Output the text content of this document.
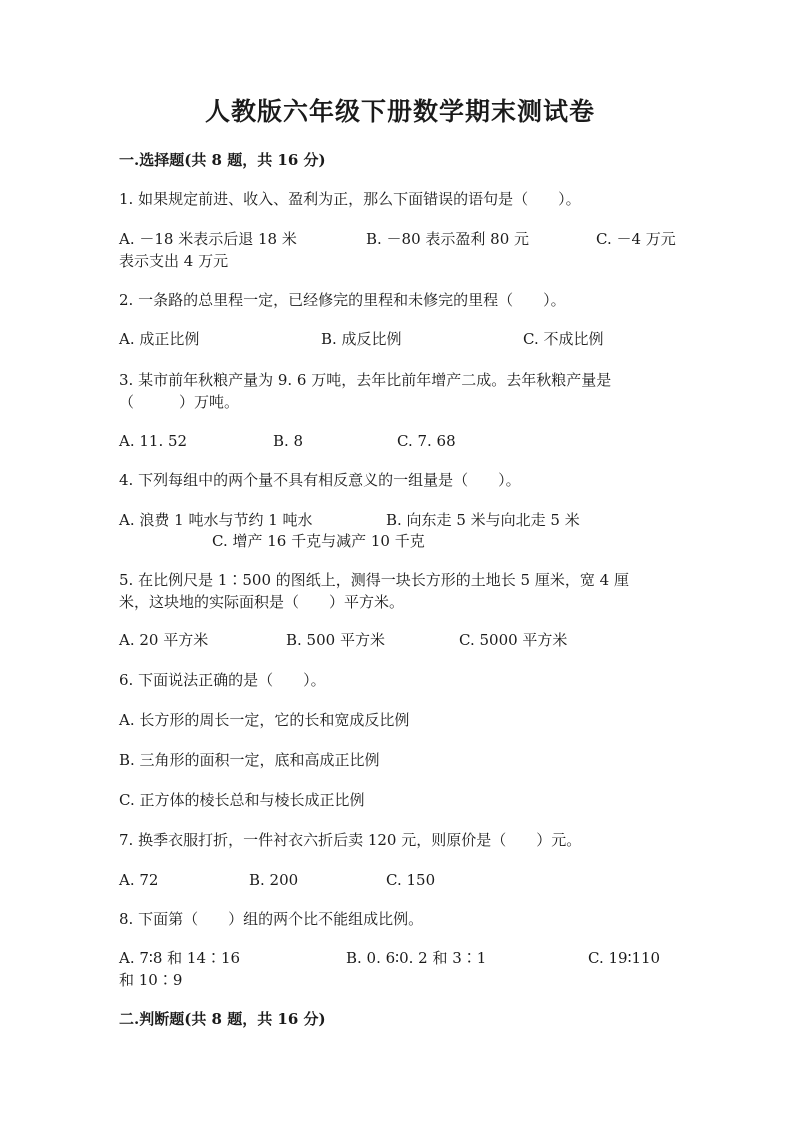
人教版六年级下册数学期末测试卷
一.选择题(共 8 题，共 16 分)
1. 如果规定前进、收入、盈利为正，那么下面错误的语句是（　　）。
A. －18 米表示后退 18 米	B. －80 表示盈利 80 元	C. －4 万元
表示支出 4 万元
2. 一条路的总里程一定，已经修完的里程和未修完的里程（　　）。
A. 成正比例	B. 成反比例	C. 不成比例
3. 某市前年秋粮产量为 9. 6 万吨，去年比前年增产二成。去年秋粮产量是
（　　　）万吨。
A. 11. 52	B. 8	C. 7. 68
4. 下列每组中的两个量不具有相反意义的一组量是（　　）。
A. 浪费 1 吨水与节约 1 吨水	B. 向东走 5 米与向北走 5 米
C. 增产 16 千克与减产 10 千克
5. 在比例尺是 1∶500 的图纸上，测得一块长方形的土地长 5 厘米，宽 4 厘
米，这块地的实际面积是（　　）平方米。
A. 20 平方米	B. 500 平方米	C. 5000 平方米
6. 下面说法正确的是（　　）。
A. 长方形的周长一定，它的长和宽成反比例
B. 三角形的面积一定，底和高成正比例
C. 正方体的棱长总和与棱长成正比例
7. 换季衣服打折，一件衬衣六折后卖 120 元，则原价是（　　）元。
A. 72	B. 200	C. 150
8. 下面第（　　）组的两个比不能组成比例。
A. 7∶8 和 14∶16	B. 0. 6∶0. 2 和 3∶1	C. 19∶110
和 10∶9
二.判断题(共 8 题，共 16 分)
